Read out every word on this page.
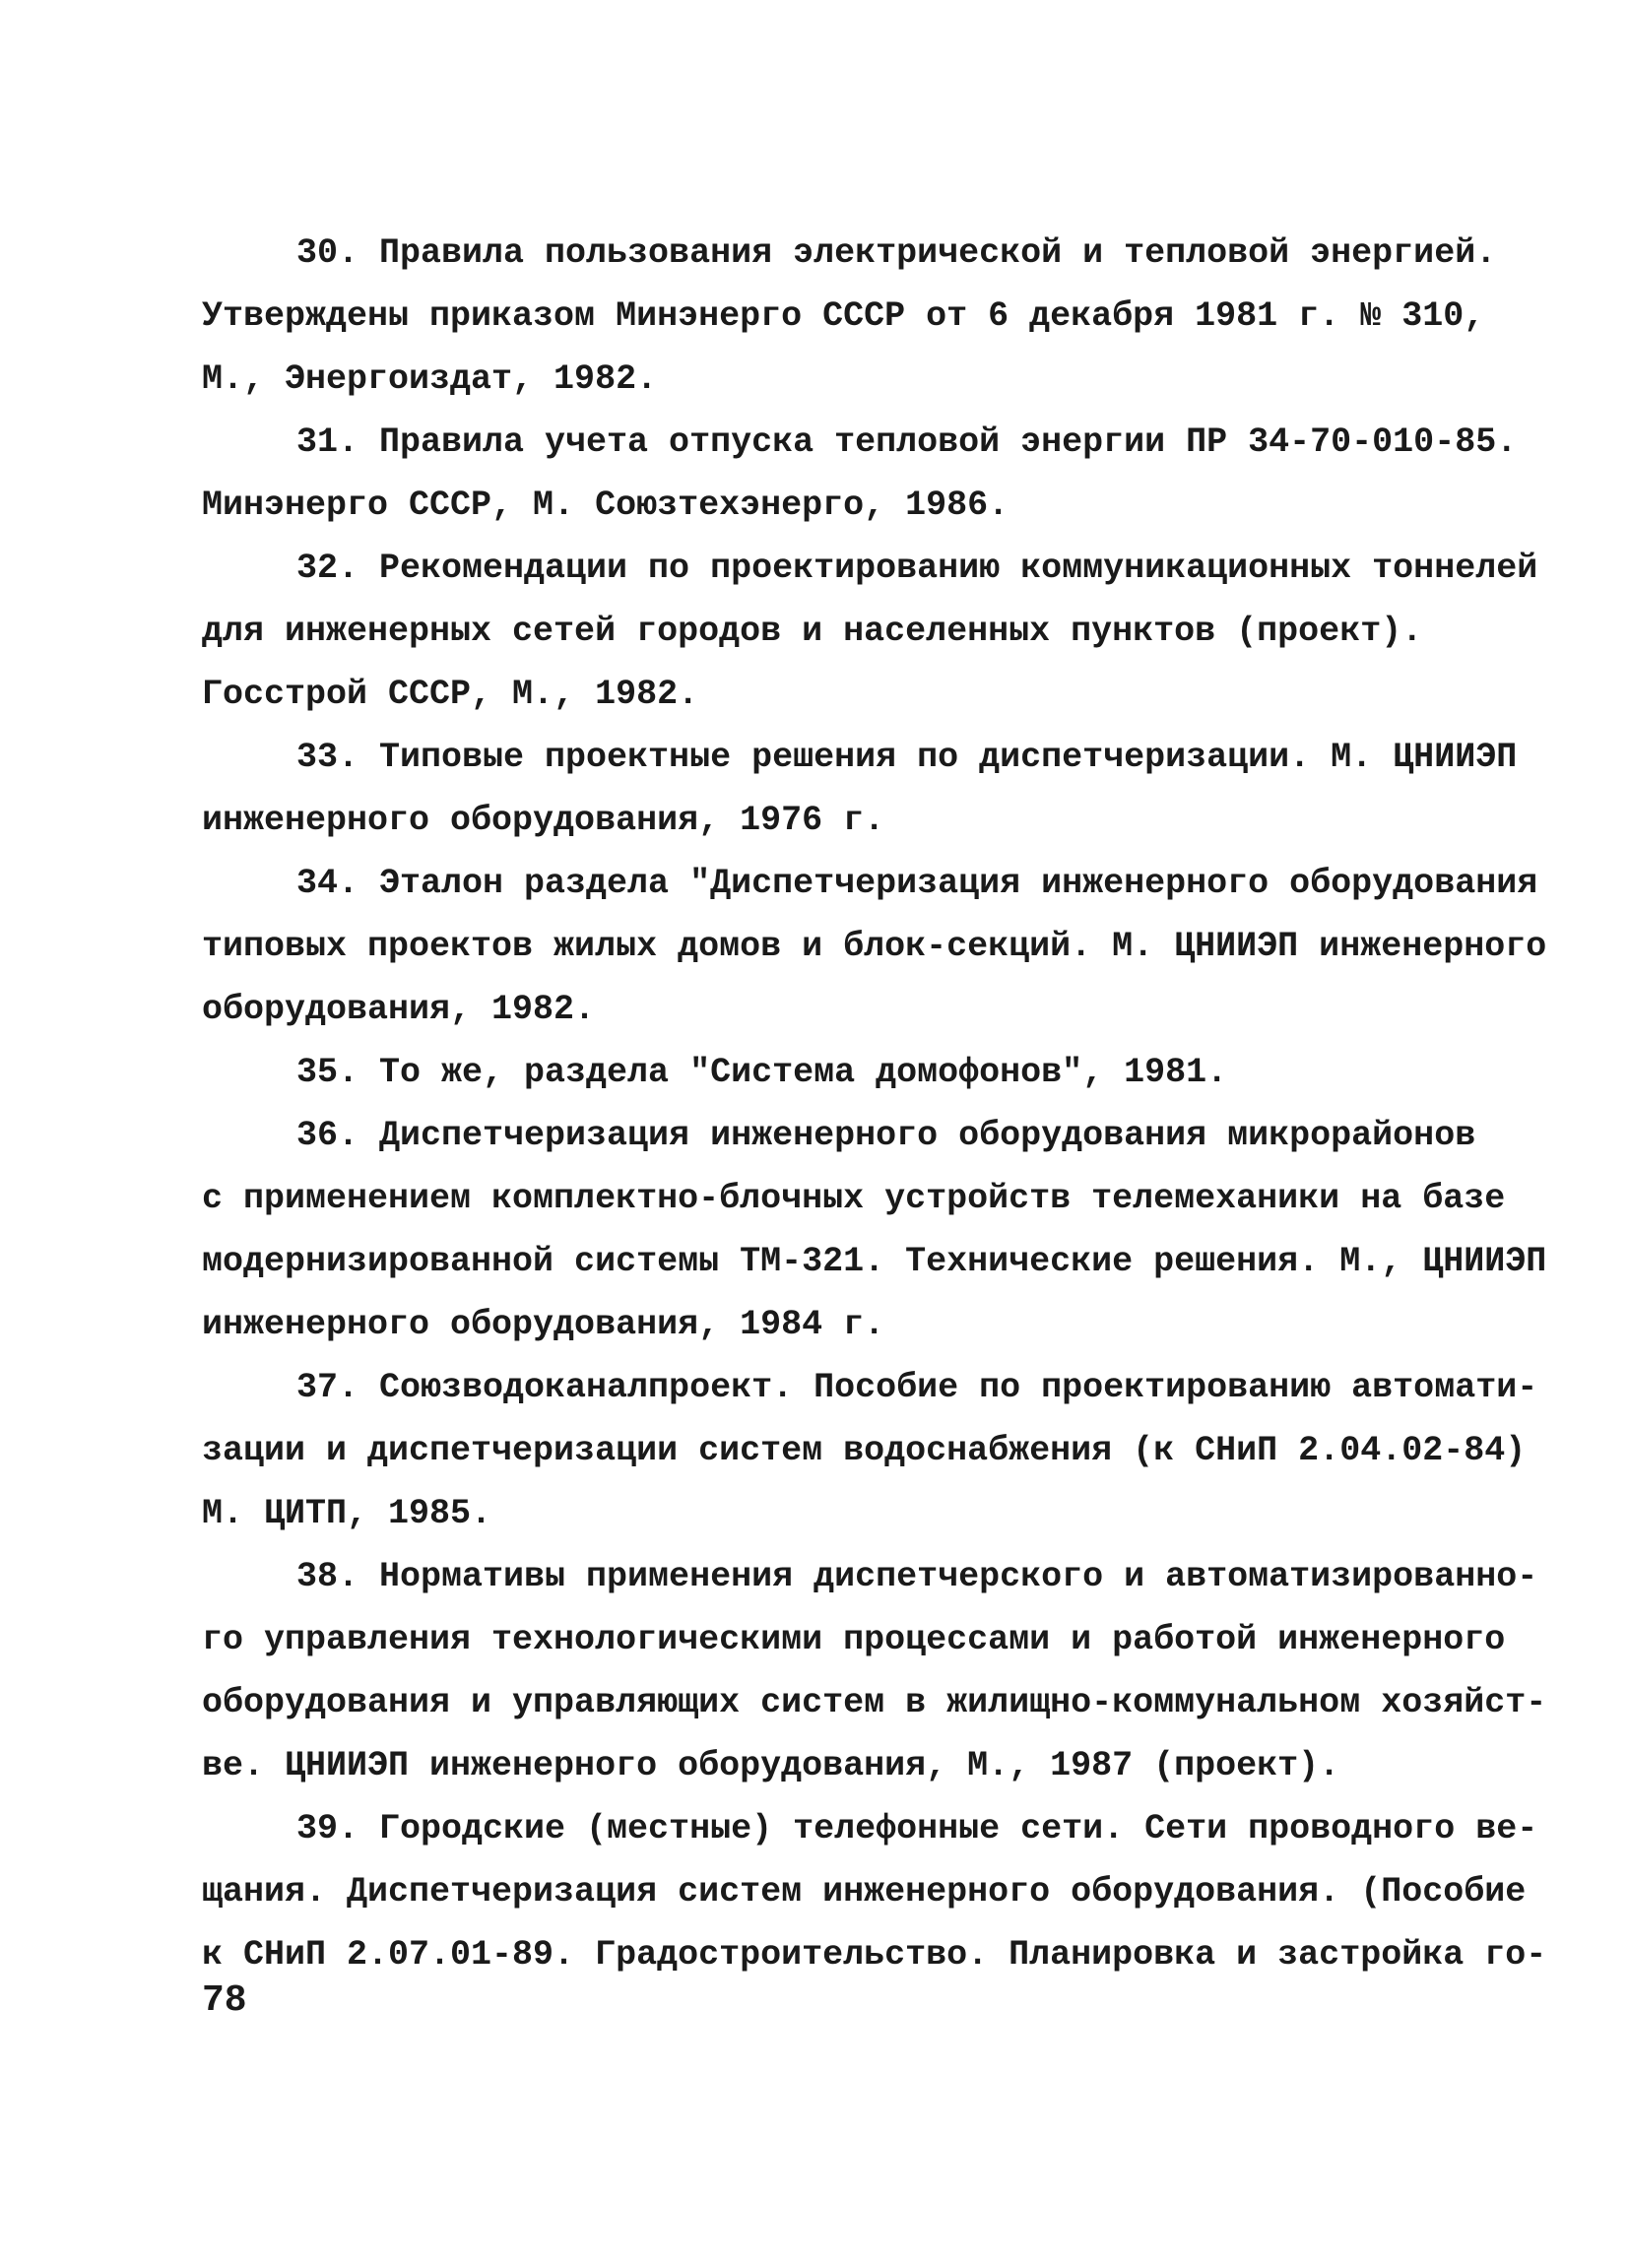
30. Правила пользования электрической и тепловой энергией.
Утверждены приказом Минэнерго СССР от 6 декабря 1981 г. № 310,
М., Энергоиздат, 1982.
31. Правила учета отпуска тепловой энергии ПР 34-70-010-85.
Минэнерго СССР, М. Союзтехэнерго, 1986.
32. Рекомендации по проектированию коммуникационных тоннелей
для инженерных сетей городов и населенных пунктов (проект).
Госстрой СССР, М., 1982.
33. Типовые проектные решения по диспетчеризации. М. ЦНИИЭП
инженерного оборудования, 1976 г.
34. Эталон раздела "Диспетчеризация инженерного оборудования
типовых проектов жилых домов и блок-секций. М. ЦНИИЭП инженерного
оборудования, 1982.
35. То же, раздела "Система домофонов", 1981.
36. Диспетчеризация инженерного оборудования микрорайонов
с применением комплектно-блочных устройств телемеханики на базе
модернизированной системы ТМ-321. Технические решения. М., ЦНИИЭП
инженерного оборудования, 1984 г.
37. Союзводоканалпроект. Пособие по проектированию автомати-
зации и диспетчеризации систем водоснабжения (к СНиП 2.04.02-84)
М. ЦИТП, 1985.
38. Нормативы применения диспетчерского и автоматизированно-
го управления технологическими процессами и работой инженерного
оборудования и управляющих систем в жилищно-коммунальном хозяйст-
ве. ЦНИИЭП инженерного оборудования, М., 1987 (проект).
39. Городские (местные) телефонные сети. Сети проводного ве-
щания. Диспетчеризация систем инженерного оборудования. (Пособие
к СНиП 2.07.01-89. Градостроительство. Планировка и застройка го-
78
